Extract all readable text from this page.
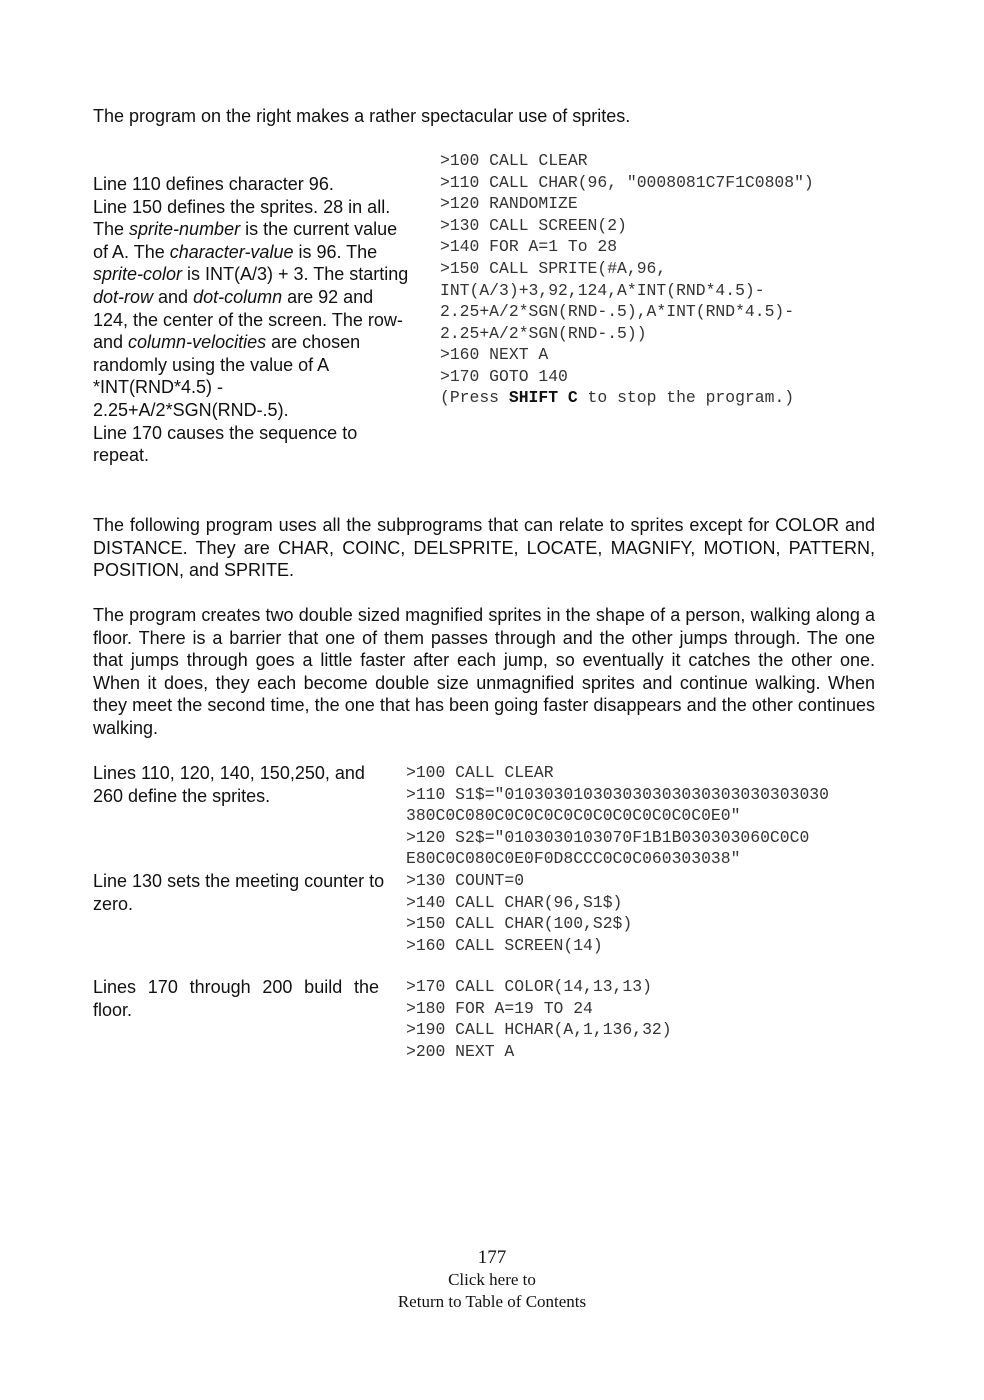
The program on the right makes a rather spectacular use of sprites.
Line 110 defines character 96.
Line 150 defines the sprites. 28 in all.
The sprite-number is the current value of A. The character-value is 96. The sprite-color is INT(A/3) + 3. The starting dot-row and dot-column are 92 and 124, the center of the screen. The row- and column-velocities are chosen randomly using the value of A *INT(RND*4.5) - 2.25+A/2*SGN(RND-.5).
Line 170 causes the sequence to repeat.
>100 CALL CLEAR
>110 CALL CHAR(96, "0008081C7F1C0808")
>120 RANDOMIZE
>130 CALL SCREEN(2)
>140 FOR A=1 To 28
>150 CALL SPRITE(#A,96,
INT(A/3)+3,92,124,A*INT(RND*4.5)-
2.25+A/2*SGN(RND-.5),A*INT(RND*4.5)-
2.25+A/2*SGN(RND-.5))
>160 NEXT A
>170 GOTO 140
(Press SHIFT C to stop the program.)
The following program uses all the subprograms that can relate to sprites except for COLOR and DISTANCE. They are CHAR, COINC, DELSPRITE, LOCATE, MAGNIFY, MOTION, PATTERN, POSITION, and SPRITE.
The program creates two double sized magnified sprites in the shape of a person, walking along a floor. There is a barrier that one of them passes through and the other jumps through. The one that jumps through goes a little faster after each jump, so eventually it catches the other one. When it does, they each become double size unmagnified sprites and continue walking. When they meet the second time, the one that has been going faster disappears and the other continues walking.
Lines 110, 120, 140, 150,250, and 260 define the sprites.
>100 CALL CLEAR
>110 S1$="010303010303030303030303030303030
380C0C080C0C0C0C0C0C0C0C0C0C0C0E0"
>120 S2$="0103030103070F1B1B030303060C0C0
E80C0C080C0E0F0D8CCC0C0C060303038"
Line 130 sets the meeting counter to zero.
>130 COUNT=0
>140 CALL CHAR(96,S1$)
>150 CALL CHAR(100,S2$)
>160 CALL SCREEN(14)
Lines 170 through 200 build the floor.
>170 CALL COLOR(14,13,13)
>180 FOR A=19 TO 24
>190 CALL HCHAR(A,1,136,32)
>200 NEXT A
177
Click here to
Return to Table of Contents
